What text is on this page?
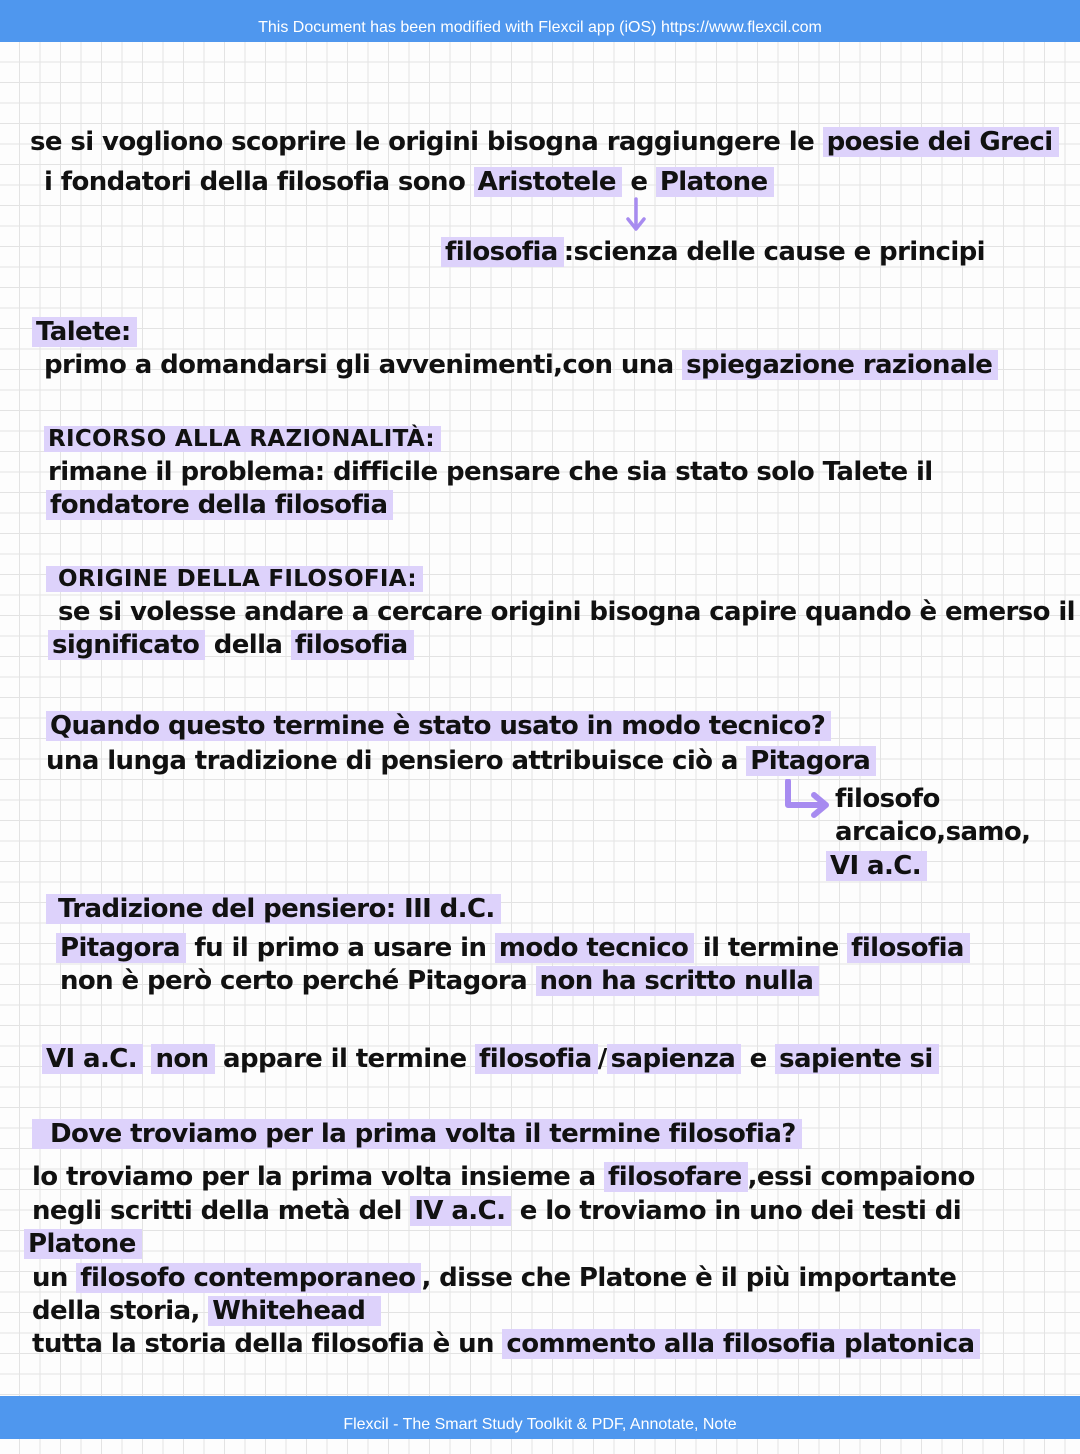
This Document has been modified with Flexcil app (iOS) https://www.flexcil.com
se si vogliono scoprire le origini bisogna raggiungere le poesie dei Greci
i fondatori della filosofia sono Aristotele e Platone
filosofia :scienza delle cause e principi
Talete:
primo a domandarsi gli avvenimenti,con una spiegazione razionale
RICORSO ALLA RAZIONALITÀ:
rimane il problema: difficile pensare che sia stato solo Talete il
fondatore della filosofia
ORIGINE DELLA FILOSOFIA:
se si volesse andare a cercare origini bisogna capire quando è emerso il
significato della filosofia
Quando questo termine è stato usato in modo tecnico?
una lunga tradizione di pensiero attribuisce ciò a Pitagora
filosofo
arcaico,samo,
VI a.C.
Tradizione del pensiero: III d.C.
Pitagora fu il primo a usare in modo tecnico il termine filosofia
non è però certo perché Pitagora non ha scritto nulla
VI a.C. non appare il termine filosofia / sapienza e sapiente si
Dove troviamo per la prima volta il termine filosofia?
lo troviamo per la prima volta insieme a filosofare ,essi compaiono
negli scritti della metà del IV a.C. e lo troviamo in uno dei testi di
Platone
un filosofo contemporaneo , disse che Platone è il più importante
della storia, Whitehead
tutta la storia della filosofia è un commento alla filosofia platonica
Flexcil - The Smart Study Toolkit & PDF, Annotate, Note
